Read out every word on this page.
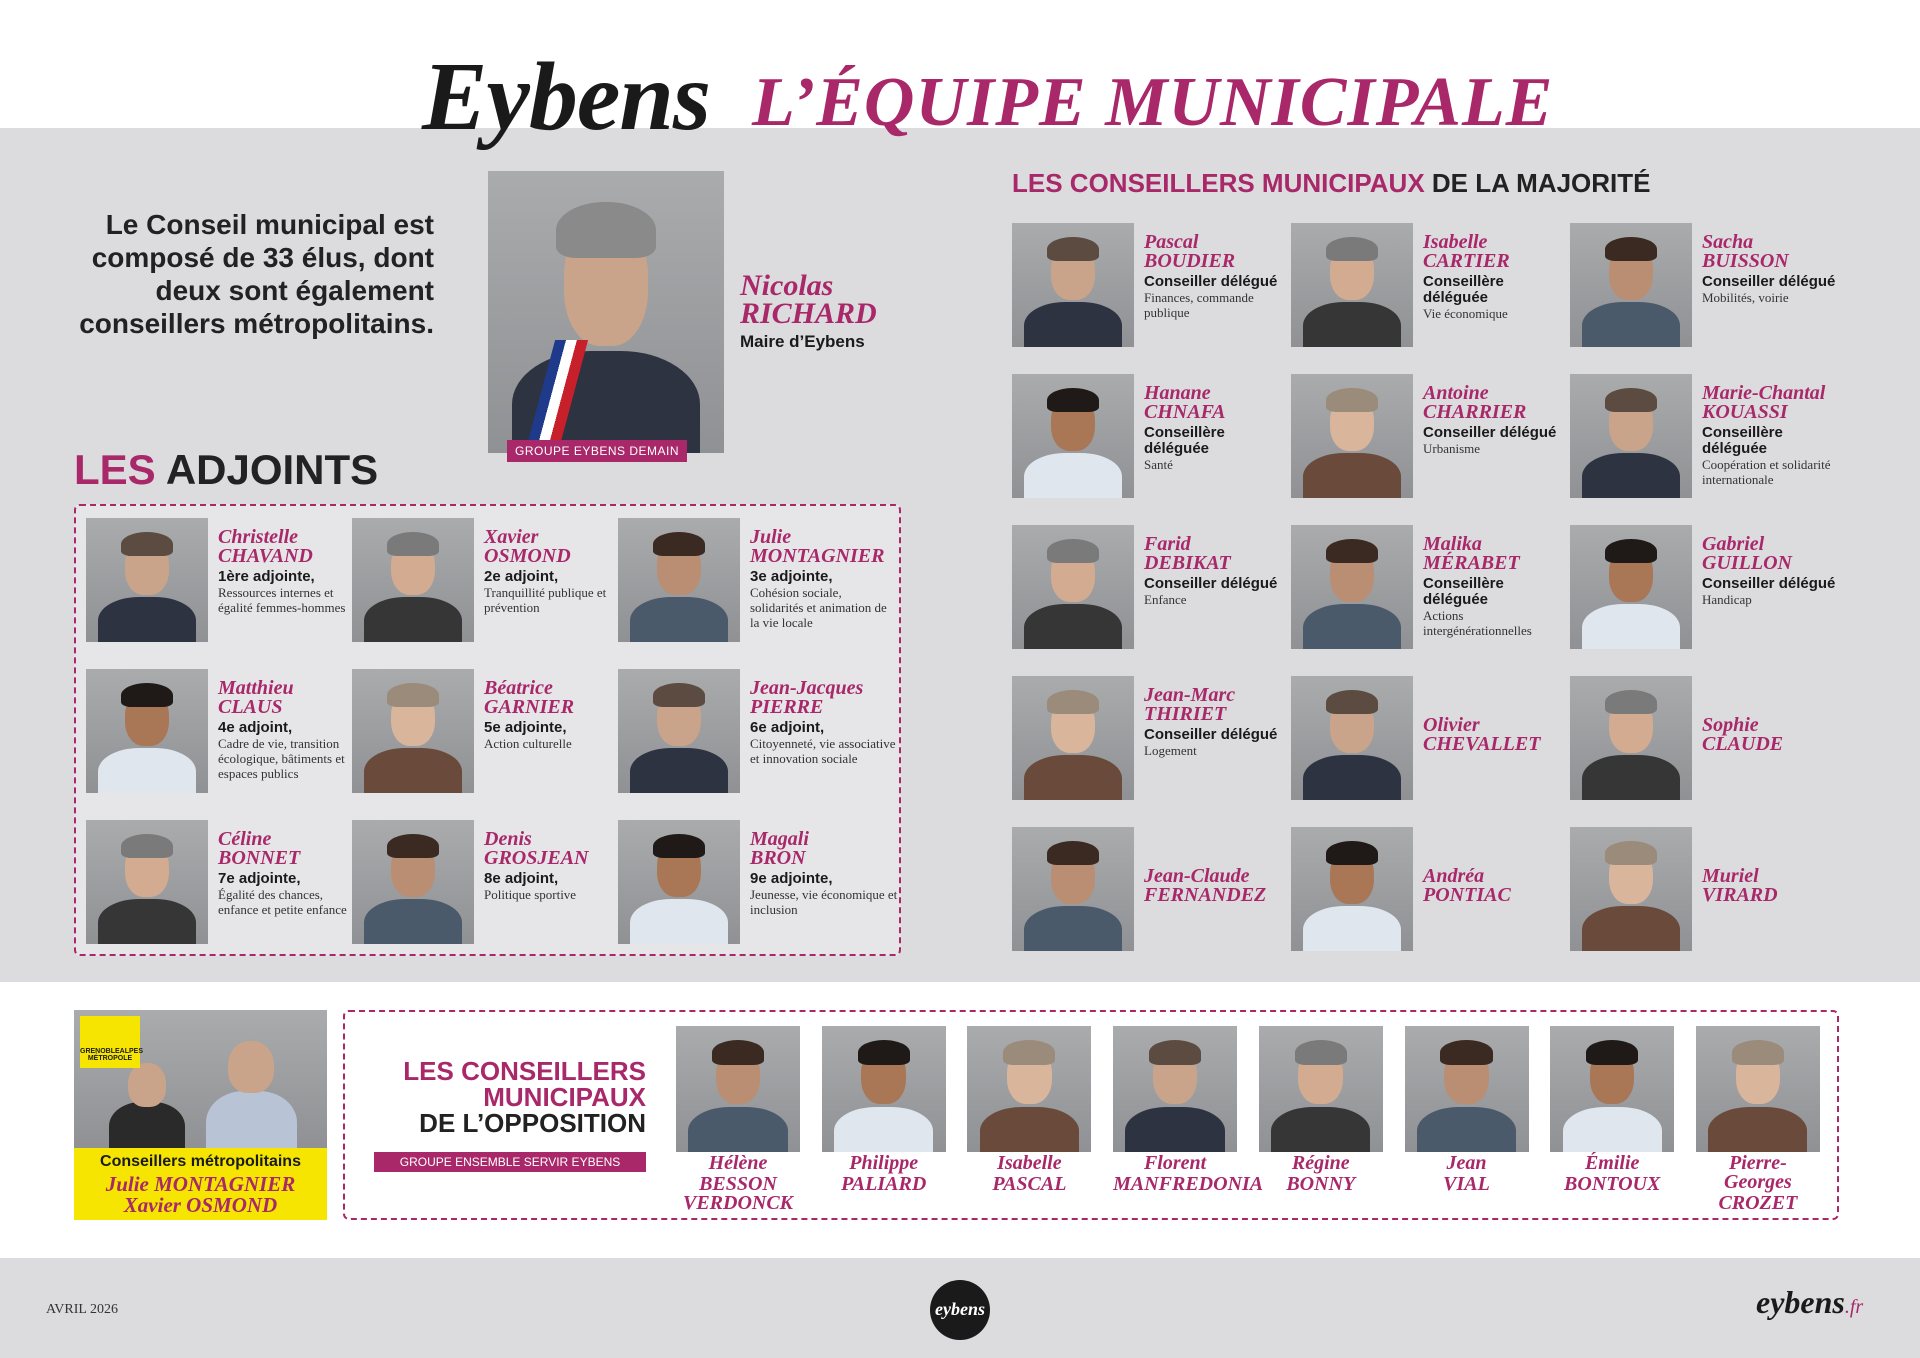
Eybens L’ÉQUIPE MUNICIPALE
Le Conseil municipal est composé de 33 élus, dont deux sont également conseillers métropolitains.
GROUPE EYBENS DEMAIN
Nicolas
RICHARD
Maire d’Eybens
LES ADJOINTS
Christelle
CHAVAND
1ère adjointe,
Ressources internes et égalité femmes-hommes
Xavier
OSMOND
2e adjoint,
Tranquillité publique et prévention
Julie
MONTAGNIER
3e adjointe,
Cohésion sociale, solidarités et animation de la vie locale
Matthieu
CLAUS
4e adjoint,
Cadre de vie, transition écologique, bâtiments et espaces publics
Béatrice
GARNIER
5e adjointe,
Action culturelle
Jean-Jacques
PIERRE
6e adjoint,
Citoyenneté, vie associative et innovation sociale
Céline
BONNET
7e adjointe,
Égalité des chances, enfance et petite enfance
Denis
GROSJEAN
8e adjoint,
Politique sportive
Magali
BRON
9e adjointe,
Jeunesse, vie économique et inclusion
LES CONSEILLERS MUNICIPAUX DE LA MAJORITÉ
Pascal
BOUDIER
Conseiller délégué
Finances, commande publique
Isabelle
CARTIER
Conseillère déléguée
Vie économique
Sacha
BUISSON
Conseiller délégué
Mobilités, voirie
Hanane
CHNAFA
Conseillère déléguée
Santé
Antoine
CHARRIER
Conseiller délégué
Urbanisme
Marie-Chantal
KOUASSI
Conseillère déléguée
Coopération et solidarité internationale
Farid
DEBIKAT
Conseiller délégué
Enfance
Malika
MÉRABET
Conseillère déléguée
Actions intergénérationnelles
Gabriel
GUILLON
Conseiller délégué
Handicap
Jean-Marc
THIRIET
Conseiller délégué
Logement
Olivier
CHEVALLET
Sophie
CLAUDE
Jean-Claude
FERNANDEZ
Andréa
PONTIAC
Muriel
VIRARD
GRENOBLEALPES MÉTROPOLE
Conseillers métropolitains
Julie MONTAGNIER
Xavier OSMOND
LES CONSEILLERS
MUNICIPAUX
DE L’OPPOSITION
GROUPE ENSEMBLE SERVIR EYBENS	Hélène
BESSON VERDONCK
Philippe
PALIARD
Isabelle
PASCAL
Florent
MANFREDONIA
Régine
BONNY
Jean
VIAL
Émilie
BONTOUX
Pierre-Georges
CROZET
AVRIL 2026	eybens	eybens.fr
